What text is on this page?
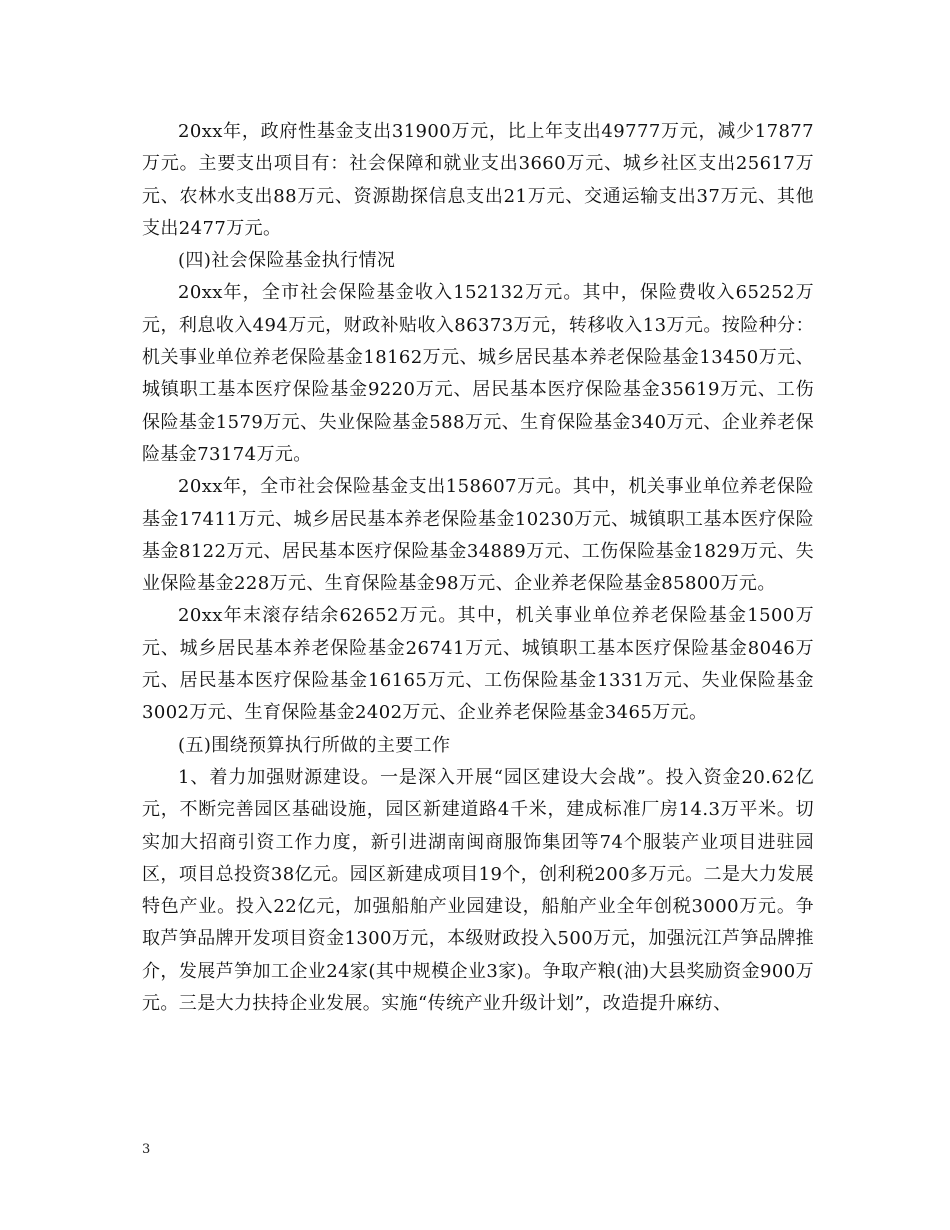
20xx年，政府性基金支出31900万元，比上年支出49777万元，减少17877万元。主要支出项目有：社会保障和就业支出3660万元、城乡社区支出25617万元、农林水支出88万元、资源勘探信息支出21万元、交通运输支出37万元、其他支出2477万元。

(四)社会保险基金执行情况

20xx年，全市社会保险基金收入152132万元。其中，保险费收入65252万元，利息收入494万元，财政补贴收入86373万元，转移收入13万元。按险种分：机关事业单位养老保险基金18162万元、城乡居民基本养老保险基金13450万元、城镇职工基本医疗保险基金9220万元、居民基本医疗保险基金35619万元、工伤保险基金1579万元、失业保险基金588万元、生育保险基金340万元、企业养老保险基金73174万元。

20xx年，全市社会保险基金支出158607万元。其中，机关事业单位养老保险基金17411万元、城乡居民基本养老保险基金10230万元、城镇职工基本医疗保险基金8122万元、居民基本医疗保险基金34889万元、工伤保险基金1829万元、失业保险基金228万元、生育保险基金98万元、企业养老保险基金85800万元。

20xx年末滚存结余62652万元。其中，机关事业单位养老保险基金1500万元、城乡居民基本养老保险基金26741万元、城镇职工基本医疗保险基金8046万元、居民基本医疗保险基金16165万元、工伤保险基金1331万元、失业保险基金3002万元、生育保险基金2402万元、企业养老保险基金3465万元。

(五)围绕预算执行所做的主要工作

1、着力加强财源建设。一是深入开展“园区建设大会战”。投入资金20.62亿元，不断完善园区基础设施，园区新建道路4千米，建成标准厂房14.3万平米。切实加大招商引资工作力度，新引进湖南闽商服饰集团等74个服装产业项目进驻园区，项目总投资38亿元。园区新建成项目19个，创利税200多万元。二是大力发展特色产业。投入22亿元，加强船舶产业园建设，船舶产业全年创税3000万元。争取芦笋品牌开发项目资金1300万元，本级财政投入500万元，加强沅江芦笋品牌推介，发展芦笋加工企业24家(其中规模企业3家)。争取产粮(油)大县奖励资金900万元。三是大力扶持企业发展。实施“传统产业升级计划”，改造提升麻纺、

3
